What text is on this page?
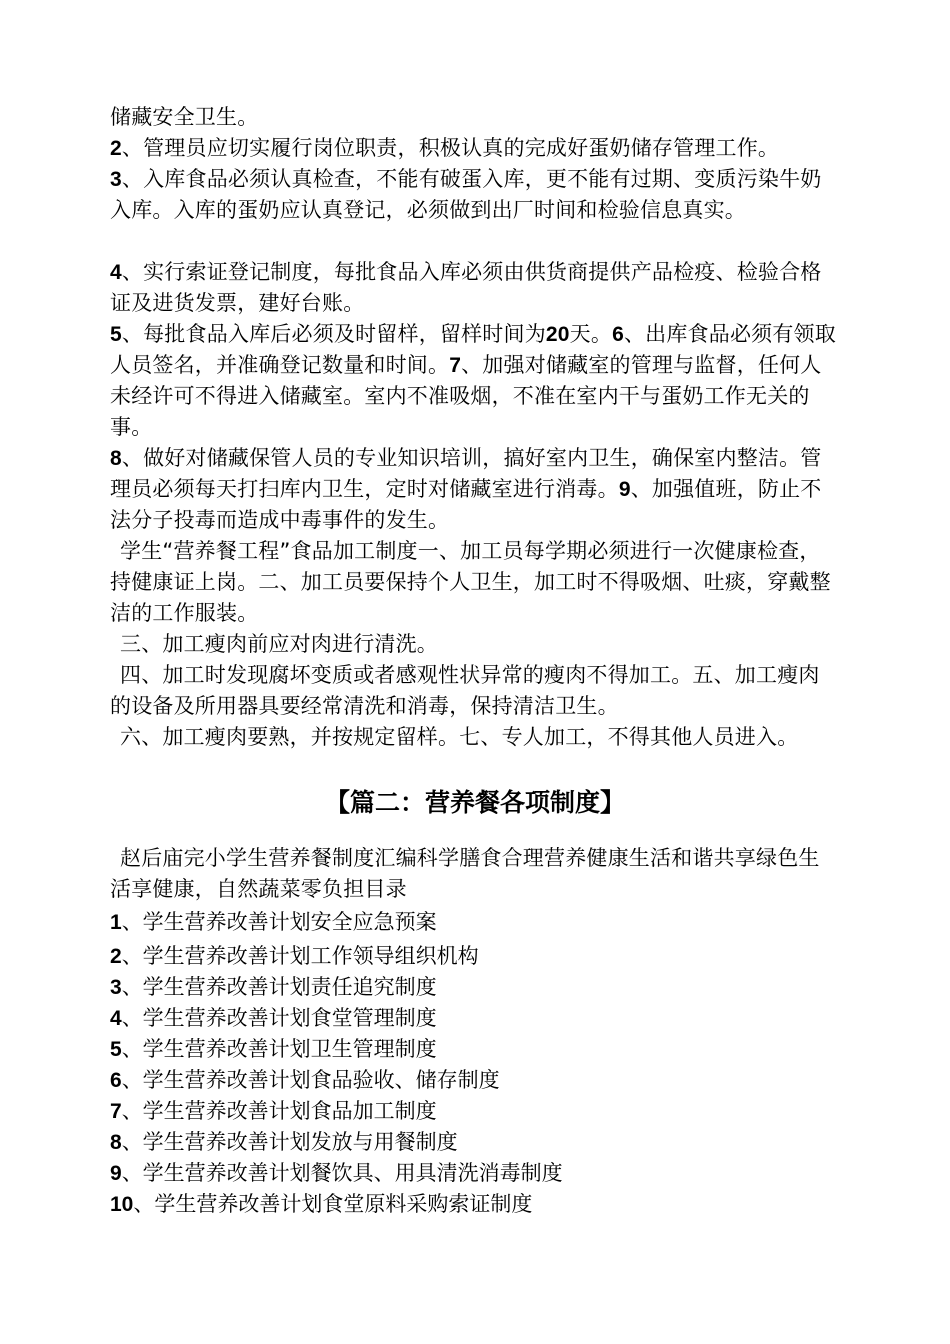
储藏安全卫生。

2、管理员应切实履行岗位职责，积极认真的完成好蛋奶储存管理工作。

3、入库食品必须认真检查，不能有破蛋入库，更不能有过期、变质污染牛奶入库。入库的蛋奶应认真登记，必须做到出厂时间和检验信息真实。

4、实行索证登记制度，每批食品入库必须由供货商提供产品检疫、检验合格证及进货发票，建好台账。

5、每批食品入库后必须及时留样，留样时间为20天。6、出库食品必须有领取人员签名，并准确登记数量和时间。7、加强对储藏室的管理与监督，任何人未经许可不得进入储藏室。室内不准吸烟，不准在室内干与蛋奶工作无关的事。

8、做好对储藏保管人员的专业知识培训，搞好室内卫生，确保室内整洁。管理员必须每天打扫库内卫生，定时对储藏室进行消毒。9、加强值班，防止不法分子投毒而造成中毒事件的发生。

学生“营养餐工程”食品加工制度一、加工员每学期必须进行一次健康检查，持健康证上岗。二、加工员要保持个人卫生，加工时不得吸烟、吐痰，穿戴整洁的工作服装。

三、加工瘦肉前应对肉进行清洗。

四、加工时发现腐坏变质或者感观性状异常的瘦肉不得加工。五、加工瘦肉的设备及所用器具要经常清洗和消毒，保持清洁卫生。

六、加工瘦肉要熟，并按规定留样。七、专人加工，不得其他人员进入。

【篇二：营养餐各项制度】

赵后庙完小学生营养餐制度汇编科学膳食合理营养健康生活和谐共享绿色生活享健康，自然蔬菜零负担目录

1、学生营养改善计划安全应急预案

2、学生营养改善计划工作领导组织机构

3、学生营养改善计划责任追究制度

4、学生营养改善计划食堂管理制度

5、学生营养改善计划卫生管理制度

6、学生营养改善计划食品验收、储存制度

7、学生营养改善计划食品加工制度

8、学生营养改善计划发放与用餐制度

9、学生营养改善计划餐饮具、用具清洗消毒制度

10、学生营养改善计划食堂原料采购索证制度
